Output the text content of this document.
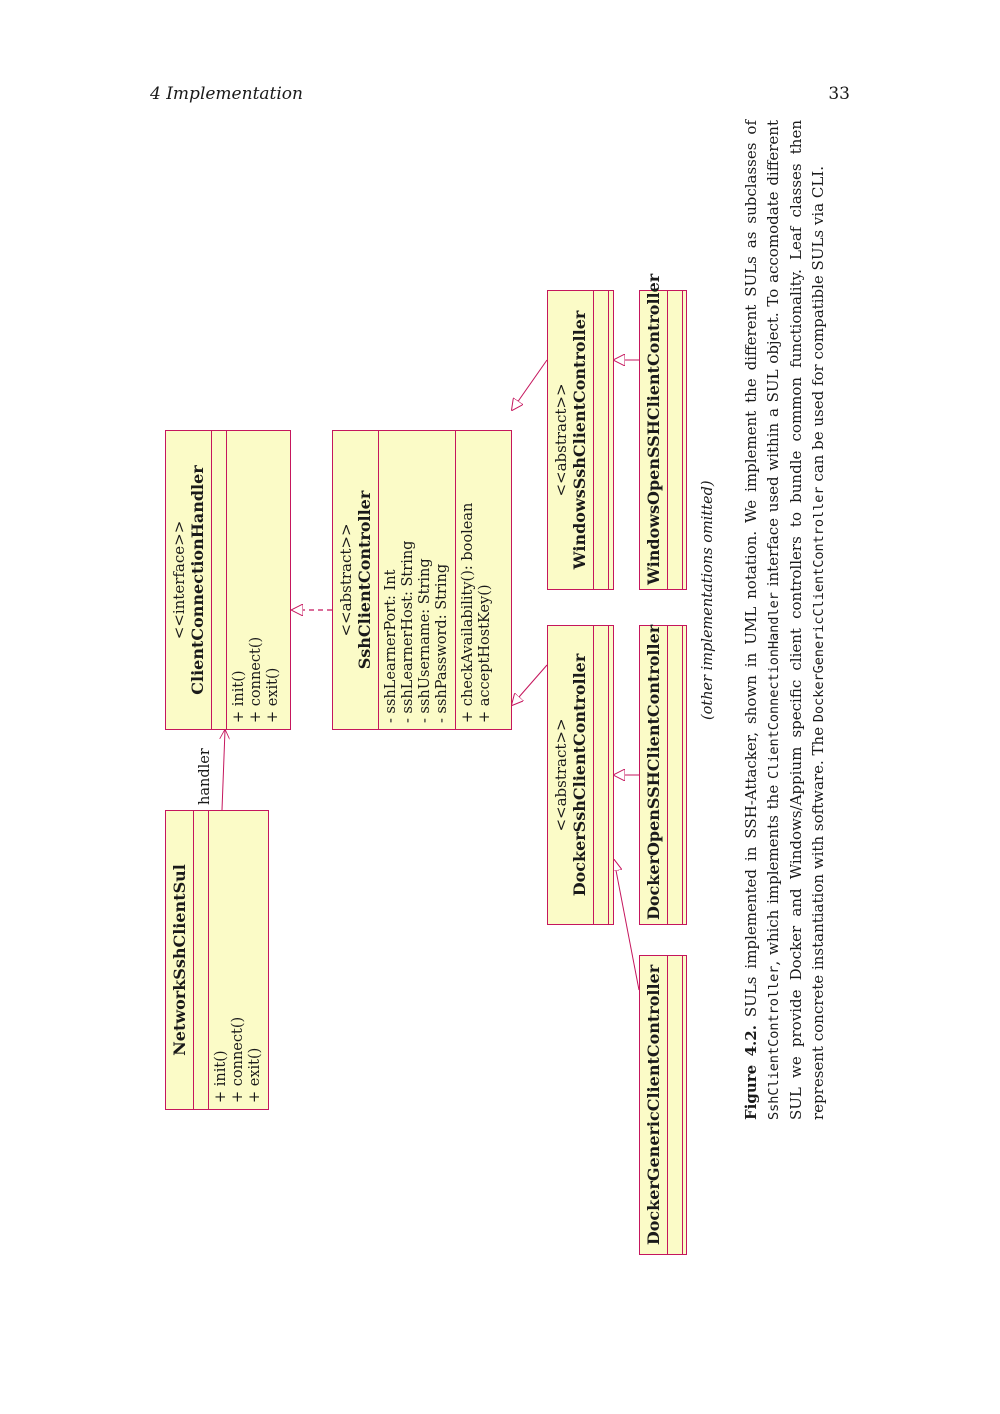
4 Implementation	33
NetworkSshClientSul
+ init() + connect() + exit()
handler
<<interface>> ClientConnectionHandler
+ init() + connect() + exit()
<<abstract>> SshClientController - sshLearnerPort: Int - sshLearnerHost: String - sshUsername: String - sshPassword: String + checkAvailability(): boolean + acceptHostKey()
<<abstract>> DockerSshClientController
<<abstract>> WindowsSshClientController
DockerGenericClientController
DockerOpenSSHClientController
WindowsOpenSSHClientController
(other implementations omitted)
Figure 4.2. SULs implemented in SSH-Attacker, shown in UML notation. We implement the different SULs as subclasses of SshClientController, which implements the ClientConnectionHandler interface used within a SUL object. To accomodate different SUL we provide Docker and Windows/Appium specific client controllers to bundle common functionality. Leaf classes then represent concrete instantiation with software. The DockerGenericClientController can be used for compatible SULs via CLI.
